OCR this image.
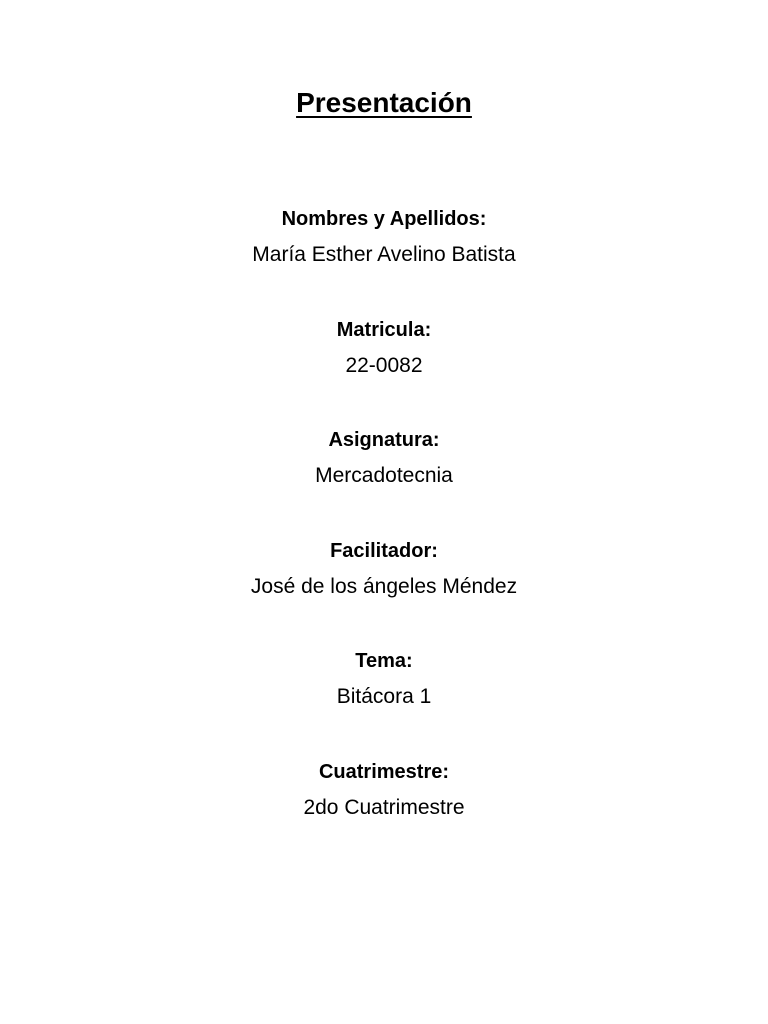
Presentación
Nombres y Apellidos:
María Esther Avelino Batista
Matricula:
22-0082
Asignatura:
Mercadotecnia
Facilitador:
José de los ángeles Méndez
Tema:
Bitácora 1
Cuatrimestre:
2do Cuatrimestre
